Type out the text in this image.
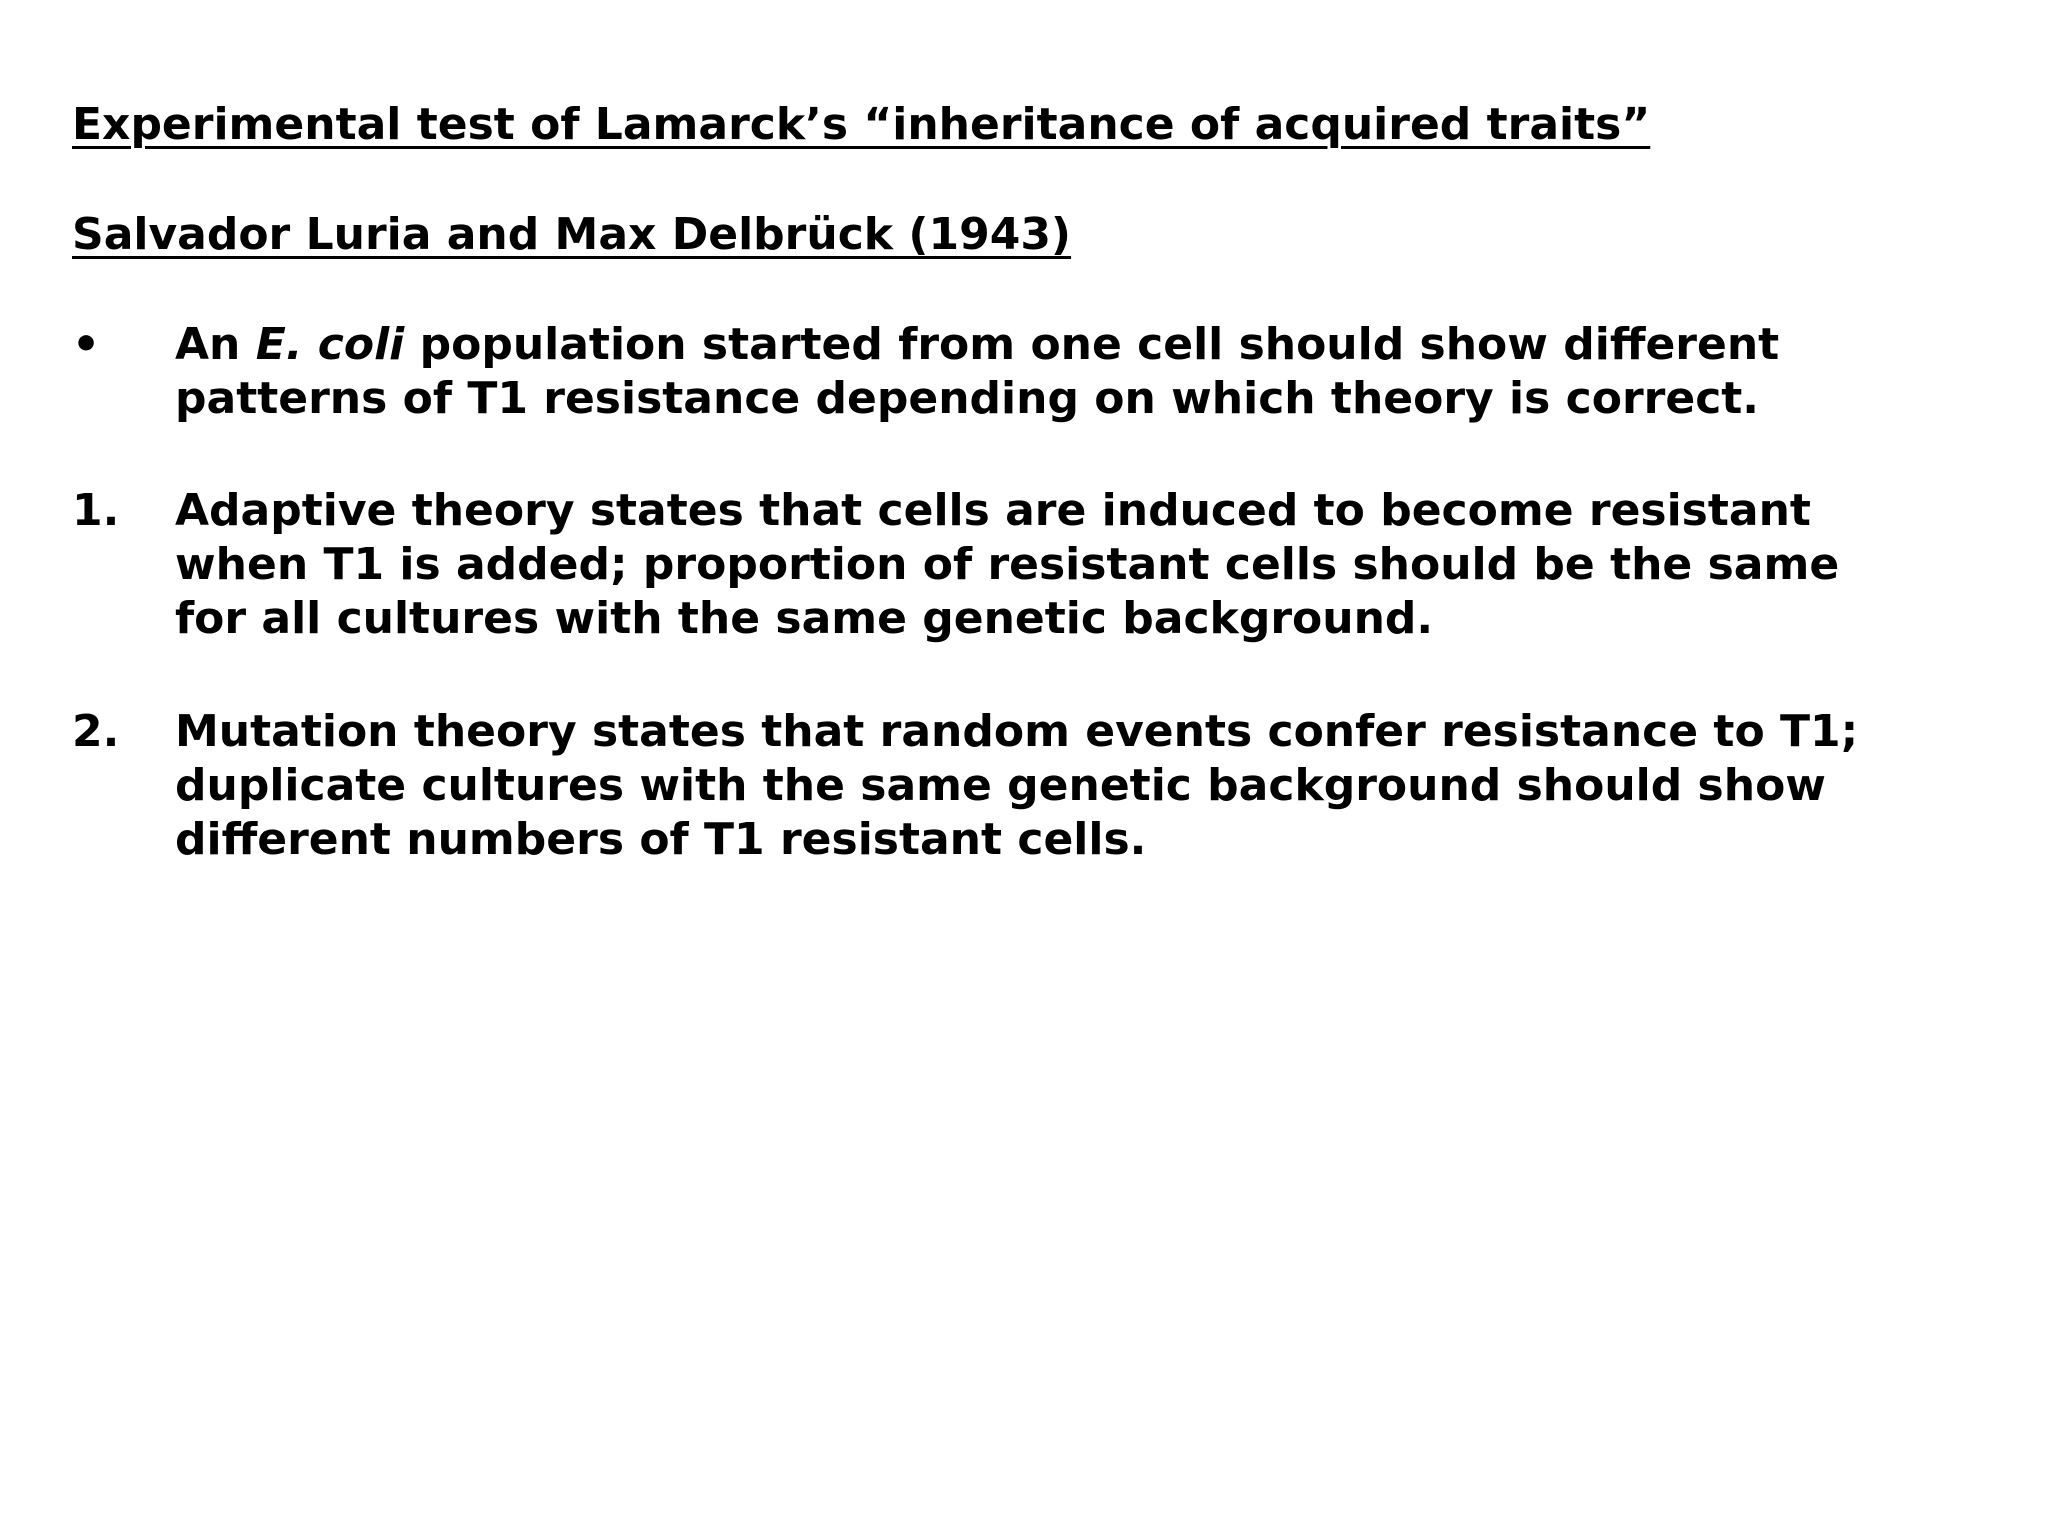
Experimental test of Lamarck’s “inheritance of acquired traits”
Salvador Luria and Max Delbrück (1943)
•	An E. coli population started from one cell should show different
patterns of T1 resistance depending on which theory is correct.
1.	Adaptive theory states that cells are induced to become resistant
when T1 is added; proportion of resistant cells should be the same
for all cultures with the same genetic background.
2.	Mutation theory states that random events confer resistance to T1;
duplicate cultures with the same genetic background should show
different numbers of T1 resistant cells.
